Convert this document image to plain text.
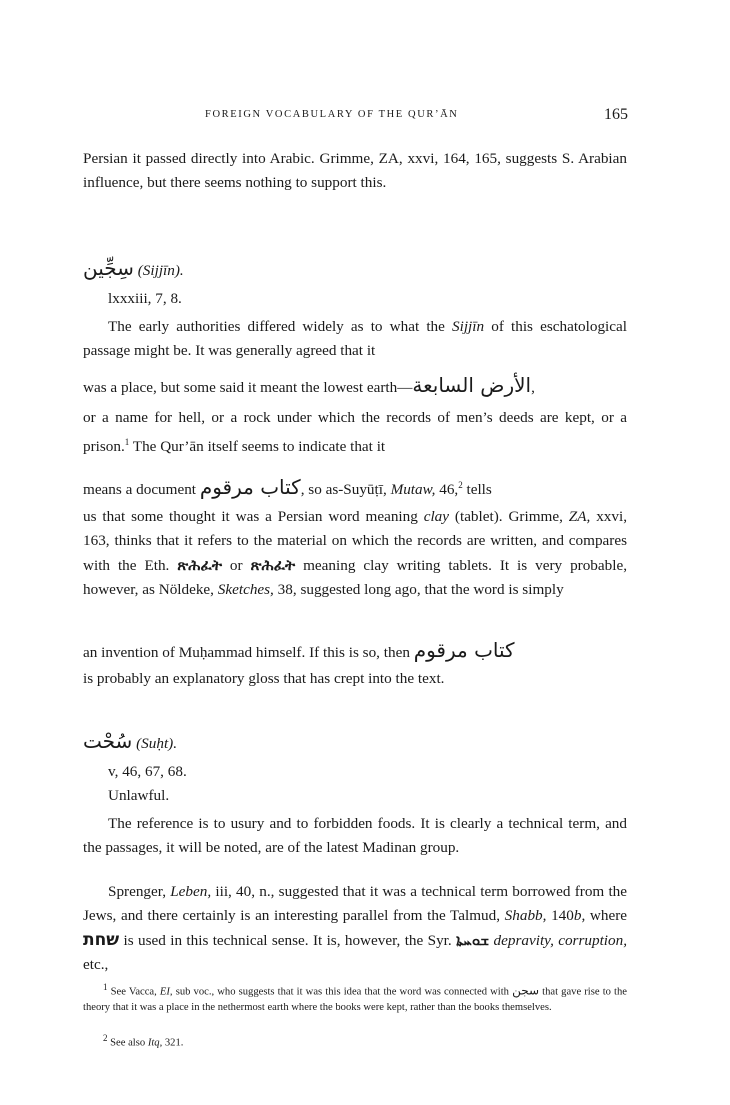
FOREIGN VOCABULARY OF THE QUR’ĀN	165

Persian it passed directly into Arabic. Grimme, ZA, xxvi, 164, 165, suggests S. Arabian influence, but there seems nothing to support this.

سِجِّين (Sijjīn).
lxxxiii, 7, 8.

The early authorities differed widely as to what the Sijjīn of this eschatological passage might be. It was generally agreed that it

was a place, but some said it meant the lowest earth—الأرض السابعة,

or a name for hell, or a rock under which the records of men’s deeds are kept, or a prison.$^1$ The Qur’ān itself seems to indicate that it

means a document كتاب مرقوم, so as-Suyūṭī, Mutaw, 46,$^2$ tells

us that some thought it was a Persian word meaning clay (tablet). Grimme, ZA, xxvi, 163, thinks that it refers to the material on which the records are written, and compares with the Eth. ጽሕፈት or ጽሕፈት meaning clay writing tablets. It is very probable, however, as Nöldeke, Sketches, 38, suggested long ago, that the word is simply

an invention of Muḥammad himself. If this is so, then كتاب مرقوم
is probably an explanatory gloss that has crept into the text.
سُحْت (Suḥt).
v, 46, 67, 68.
Unlawful.

The reference is to usury and to forbidden foods. It is clearly a technical term, and the passages, it will be noted, are of the latest Madinan group.

Sprenger, Leben, iii, 40, n., suggested that it was a technical term borrowed from the Jews, and there certainly is an interesting parallel from the Talmud, Shabb, 140b, where שחת is used in this technical sense. It is, however, the Syr. ܫܘܚܬܐ depravity, corruption, etc.,

$^1$ See Vacca, EI, sub voc., who suggests that it was this idea that the word was connected with سجن that gave rise to the theory that it was a place in the nethermost earth where the books were kept, rather than the books themselves.
$^2$ See also Itq, 321.
